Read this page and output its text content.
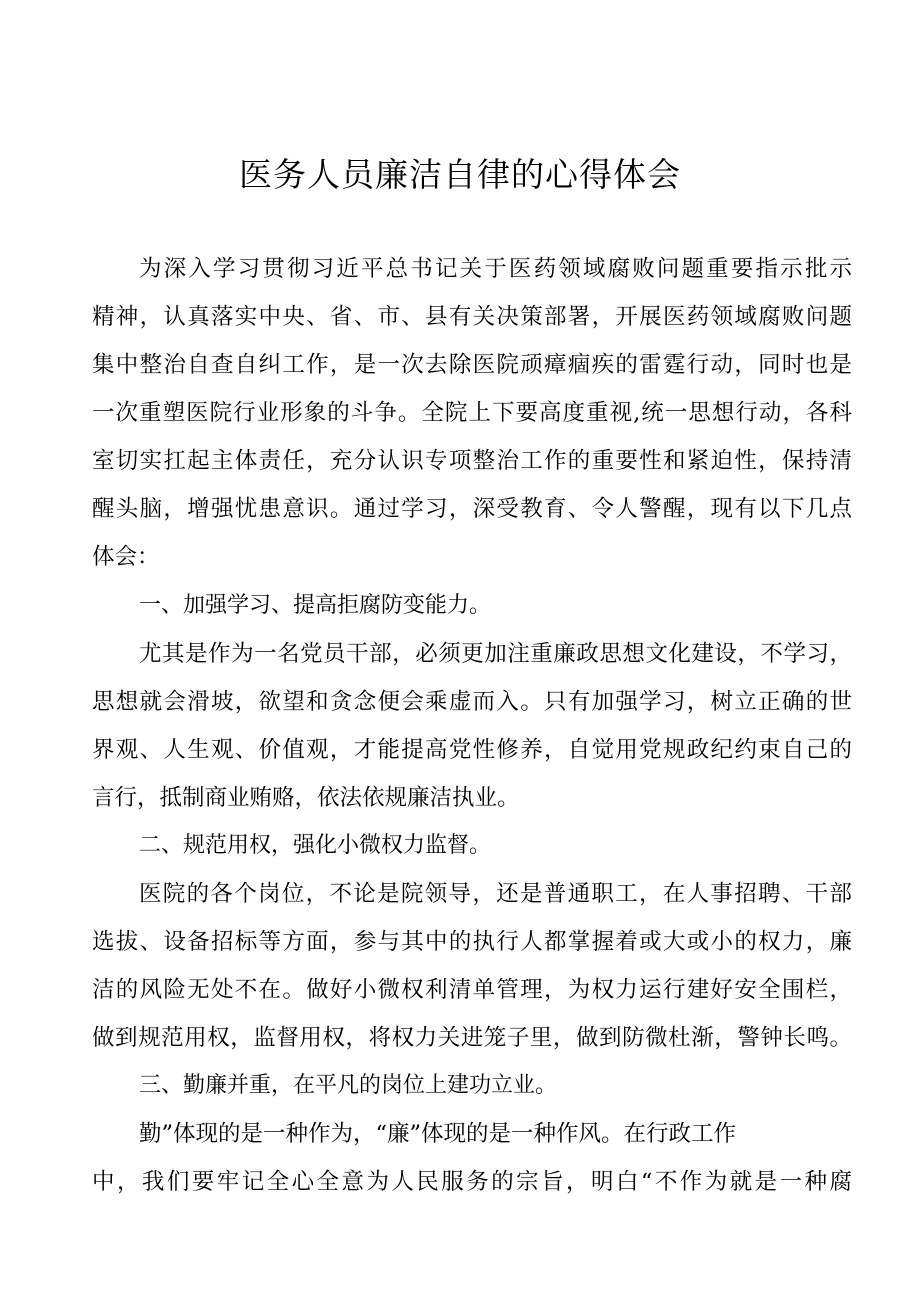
医务人员廉洁自律的心得体会

为深入学习贯彻习近平总书记关于医药领域腐败问题重要指示批示

精神，认真落实中央、省、市、县有关决策部署，开展医药领域腐败问题

集中整治自查自纠工作，是一次去除医院顽瘴痼疾的雷霆行动，同时也是

一次重塑医院行业形象的斗争。全院上下要高度重视,统一思想行动，各科

室切实扛起主体责任，充分认识专项整治工作的重要性和紧迫性，保持清

醒头脑，增强忧患意识。通过学习，深受教育、令人警醒，现有以下几点

体会：

一、加强学习、提高拒腐防变能力。

尤其是作为一名党员干部，必须更加注重廉政思想文化建设，不学习，

思想就会滑坡，欲望和贪念便会乘虚而入。只有加强学习，树立正确的世

界观、人生观、价值观，才能提高党性修养，自觉用党规政纪约束自己的

言行，抵制商业贿赂，依法依规廉洁执业。

二、规范用权，强化小微权力监督。

医院的各个岗位，不论是院领导，还是普通职工，在人事招聘、干部

选拔、设备招标等方面，参与其中的执行人都掌握着或大或小的权力，廉

洁的风险无处不在。做好小微权利清单管理，为权力运行建好安全围栏，

做到规范用权，监督用权，将权力关进笼子里，做到防微杜渐，警钟长鸣。

三、勤廉并重，在平凡的岗位上建功立业。

勤”体现的是一种作为，“廉”体现的是一种作风。在行政工作

中，我们要牢记全心全意为人民服务的宗旨，明白“不作为就是一种腐
